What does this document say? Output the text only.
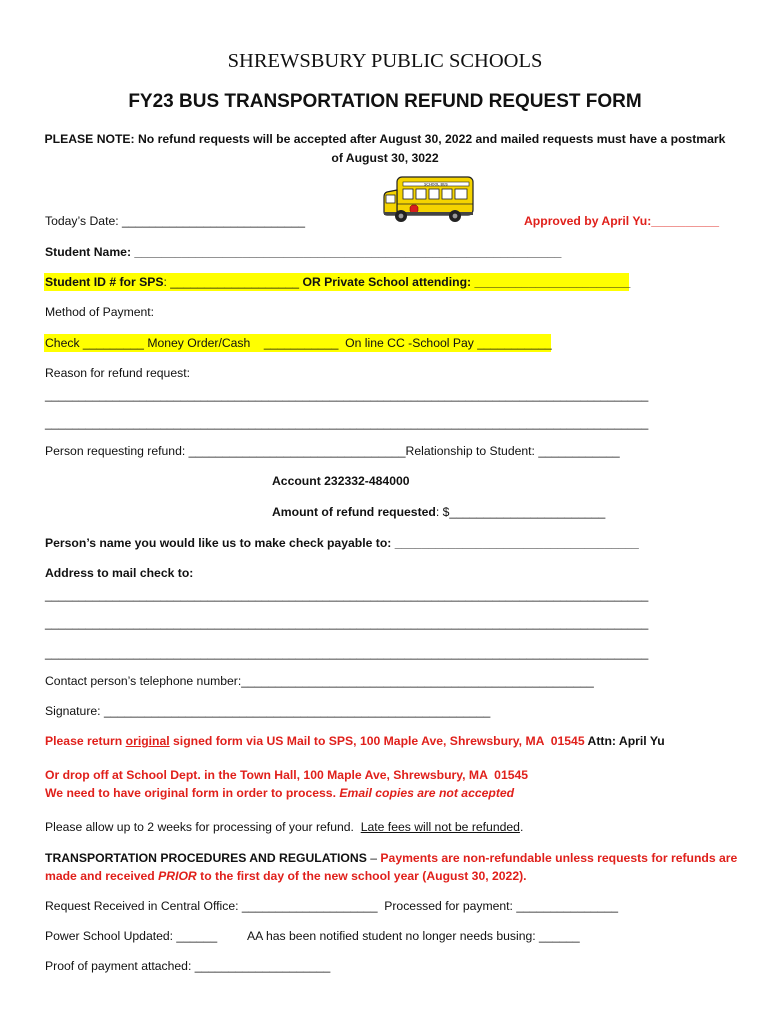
SHREWSBURY PUBLIC SCHOOLS
FY23 BUS TRANSPORTATION REFUND REQUEST FORM
PLEASE NOTE: No refund requests will be accepted after August 30, 2022 and mailed requests must have a postmark of August 30, 3022
SCHOOL BUS
Today’s Date: ___________________________	Approved by April Yu:__________
Student Name: _______________________________________________________________
Student ID # for SPS: ___________________ OR Private School attending: _______________________
Method of Payment:
Check _________ Money Order/Cash    ___________  On line CC -School Pay ___________
Reason for refund request:
_________________________________________________________________________________________
_________________________________________________________________________________________
Person requesting refund: ________________________________Relationship to Student: ____________
Account 232332-484000
Amount of refund requested: $_______________________
Person’s name you would like us to make check payable to: ____________________________________
Address to mail check to:
_________________________________________________________________________________________
_________________________________________________________________________________________
_________________________________________________________________________________________
Contact person’s telephone number:____________________________________________________
Signature: _________________________________________________________
Please return original signed form via US Mail to SPS, 100 Maple Ave, Shrewsbury, MA  01545 Attn: April Yu
Or drop off at School Dept. in the Town Hall, 100 Maple Ave, Shrewsbury, MA  01545
We need to have original form in order to process. Email copies are not accepted
Please allow up to 2 weeks for processing of your refund.  Late fees will not be refunded.
TRANSPORTATION PROCEDURES AND REGULATIONS – Payments are non-refundable unless requests for refunds are
made and received PRIOR to the first day of the new school year (August 30, 2022).
Request Received in Central Office: ____________________  Processed for payment: _______________
Power School Updated: ______ AA has been notified student no longer needs busing: ______
Proof of payment attached: ____________________
